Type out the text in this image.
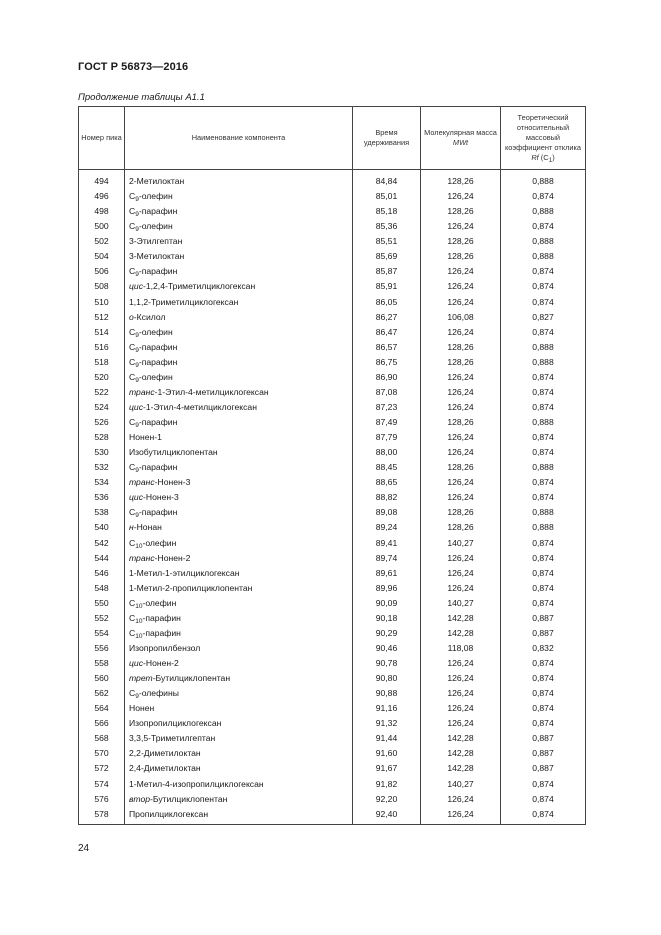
ГОСТ Р 56873—2016
Продолжение таблицы А1.1
Номер пика	Наименование компонента	Время удерживания	Молекулярная масса MWt	Теоретический относительный массовый коэффициент отклика Rf $(C_1)$
494	2-Метилоктан	84,84	128,26	0,888
496	$C_9$-олефин	85,01	126,24	0,874
498	$C_9$-парафин	85,18	128,26	0,888
500	$C_9$-олефин	85,36	126,24	0,874
502	3-Этилгептан	85,51	128,26	0,888
504	3-Метилоктан	85,69	128,26	0,888
506	$C_9$-парафин	85,87	126,24	0,874
508	цис-1,2,4-Триметилциклогексан	85,91	126,24	0,874
510	1,1,2-Триметилциклогексан	86,05	126,24	0,874
512	о-Ксилол	86,27	106,08	0,827
514	$C_9$-олефин	86,47	126,24	0,874
516	$C_9$-парафин	86,57	128,26	0,888
518	$C_9$-парафин	86,75	128,26	0,888
520	$C_9$-олефин	86,90	126,24	0,874
522	транс-1-Этил-4-метилциклогексан	87,08	126,24	0,874
524	цис-1-Этил-4-метилциклогексан	87,23	126,24	0,874
526	$C_9$-парафин	87,49	128,26	0,888
528	Нонен-1	87,79	126,24	0,874
530	Изобутилциклопентан	88,00	126,24	0,874
532	$C_9$-парафин	88,45	128,26	0,888
534	транс-Нонен-3	88,65	126,24	0,874
536	цис-Нонен-3	88,82	126,24	0,874
538	$C_9$-парафин	89,08	128,26	0,888
540	н-Нонан	89,24	128,26	0,888
542	$C_{10}$-олефин	89,41	140,27	0,874
544	транс-Нонен-2	89,74	126,24	0,874
546	1-Метил-1-этилциклогексан	89,61	126,24	0,874
548	1-Метил-2-пропилциклопентан	89,96	126,24	0,874
550	$C_{10}$-олефин	90,09	140,27	0,874
552	$C_{10}$-парафин	90,18	142,28	0,887
554	$C_{10}$-парафин	90,29	142,28	0,887
556	Изопропилбензол	90,46	118,08	0,832
558	цис-Нонен-2	90,78	126,24	0,874
560	трет-Бутилциклопентан	90,80	126,24	0,874
562	$C_9$-олефины	90,88	126,24	0,874
564	Нонен	91,16	126,24	0,874
566	Изопропилциклогексан	91,32	126,24	0,874
568	3,3,5-Триметилгептан	91,44	142,28	0,887
570	2,2-Диметилоктан	91,60	142,28	0,887
572	2,4-Диметилоктан	91,67	142,28	0,887
574	1-Метил-4-изопропилциклогексан	91,82	140,27	0,874
576	втор-Бутилциклопентан	92,20	126,24	0,874
578	Пропилциклогексан	92,40	126,24	0,874
24
